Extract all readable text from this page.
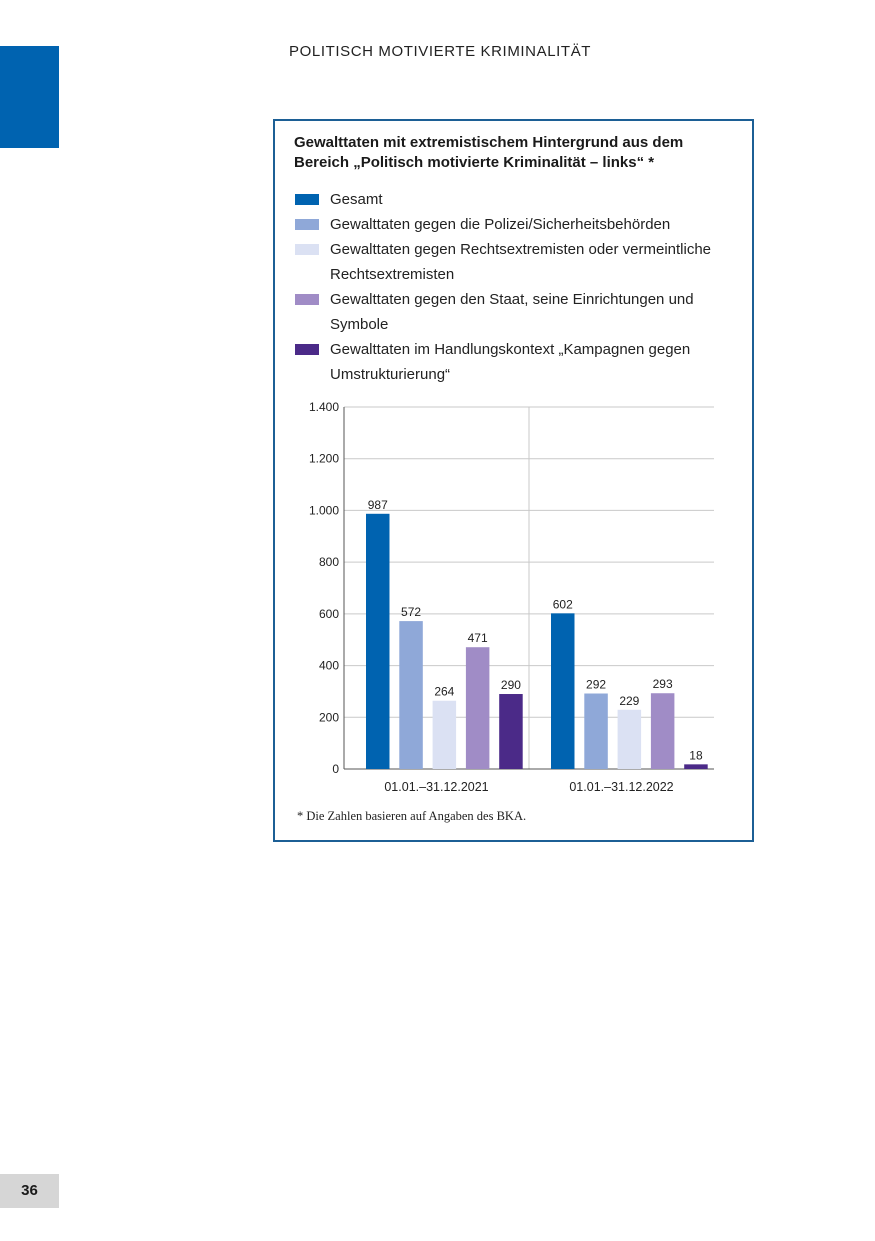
POLITISCH MOTIVIERTE KRIMINALITÄT
Gewalttaten mit extremistischem Hintergrund aus dem Bereich „Politisch motivierte Kriminalität – links“ *
Gesamt
Gewalttaten gegen die Polizei/Sicherheitsbehörden
Gewalttaten gegen Rechtsextremisten oder vermeintliche Rechtsextremisten
Gewalttaten gegen den Staat, seine Einrichtungen und Symbole
Gewalttaten im Handlungskontext „Kampagnen gegen Umstrukturierung“
0
200
400
600
800
1.000
1.200
1.400
987
572
264
471
290
01.01.–31.12.2021
602
292
229
293
18
01.01.–31.12.2022
* Die Zahlen basieren auf Angaben des BKA.
36
